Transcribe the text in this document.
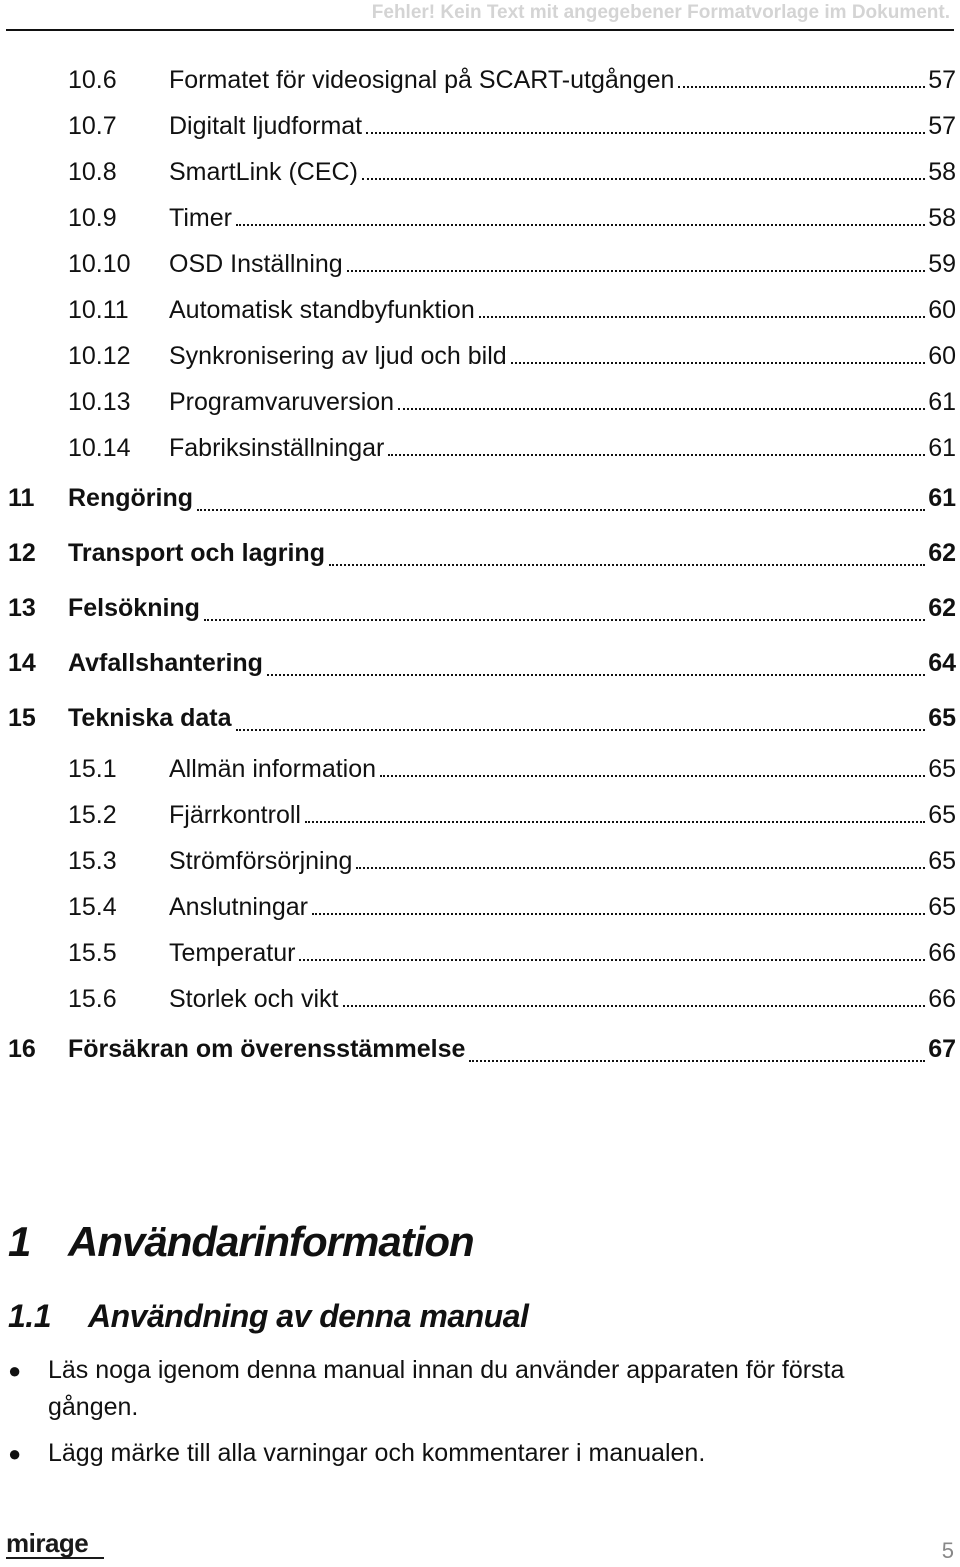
Fehler! Kein Text mit angegebener Formatvorlage im Dokument.
10.6	Formatet för videosignal på SCART-utgången	57
10.7	Digitalt ljudformat	57
10.8	SmartLink (CEC)	58
10.9	Timer	58
10.10	OSD Inställning	59
10.11	Automatisk standbyfunktion	60
10.12	Synkronisering av ljud och bild	60
10.13	Programvaruversion	61
10.14	Fabriksinställningar	61
11	Rengöring	61
12	Transport och lagring	62
13	Felsökning	62
14	Avfallshantering	64
15	Tekniska data	65
15.1	Allmän information	65
15.2	Fjärrkontroll	65
15.3	Strömförsörjning	65
15.4	Anslutningar	65
15.5	Temperatur	66
15.6	Storlek och vikt	66
16	Försäkran om överensstämmelse	67
1 Användarinformation
1.1	Användning av denna manual
●	Läs noga igenom denna manual innan du använder apparaten för första gången.
●	Lägg märke till alla varningar och kommentarer i manualen.
mirage	5
